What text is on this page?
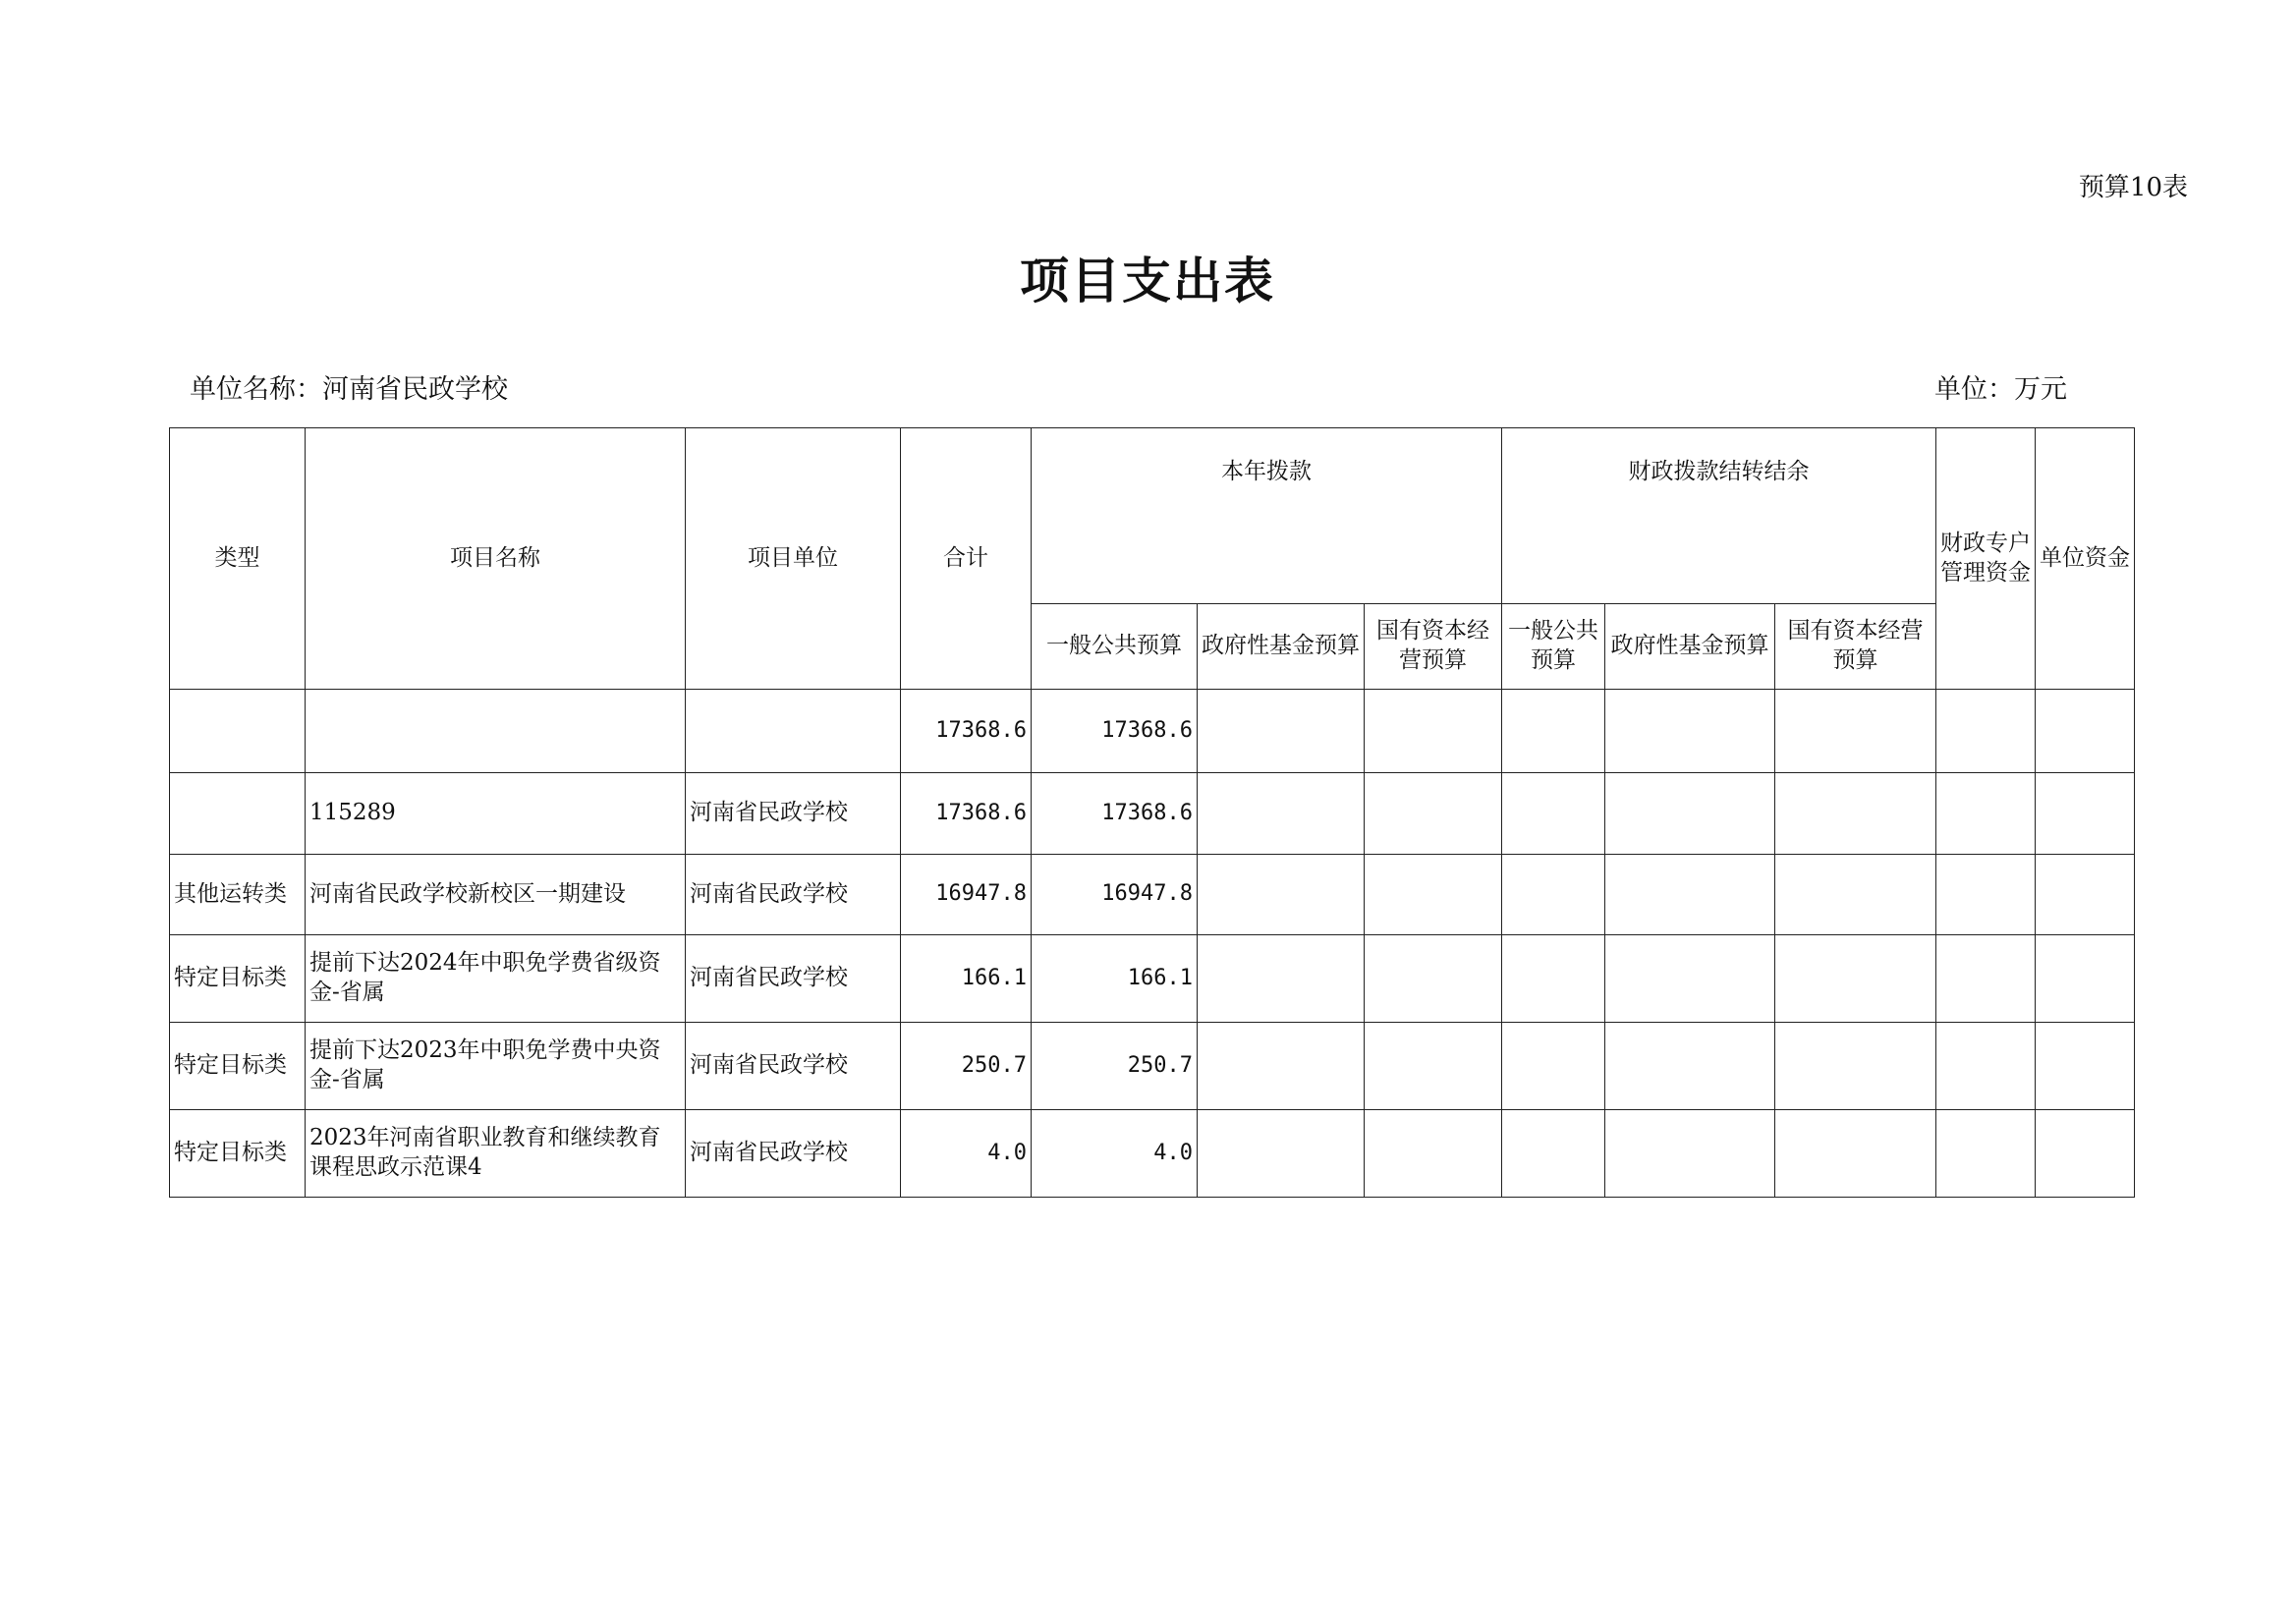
预算10表
项目支出表
单位名称：河南省民政学校	单位：万元
类型	项目名称	项目单位	合计	本年拨款			财政拨款结转结余			财政专户管理资金	单位资金
				一般公共预算	政府性基金预算	国有资本经营预算	一般公共预算	政府性基金预算	国有资本经营预算		
			17368.6	17368.6							
	115289	河南省民政学校	17368.6	17368.6							
其他运转类	河南省民政学校新校区一期建设	河南省民政学校	16947.8	16947.8							
特定目标类	提前下达2024年中职免学费省级资金-省属	河南省民政学校	166.1	166.1							
特定目标类	提前下达2023年中职免学费中央资金-省属	河南省民政学校	250.7	250.7							
特定目标类	2023年河南省职业教育和继续教育课程思政示范课4	河南省民政学校	4.0	4.0							
